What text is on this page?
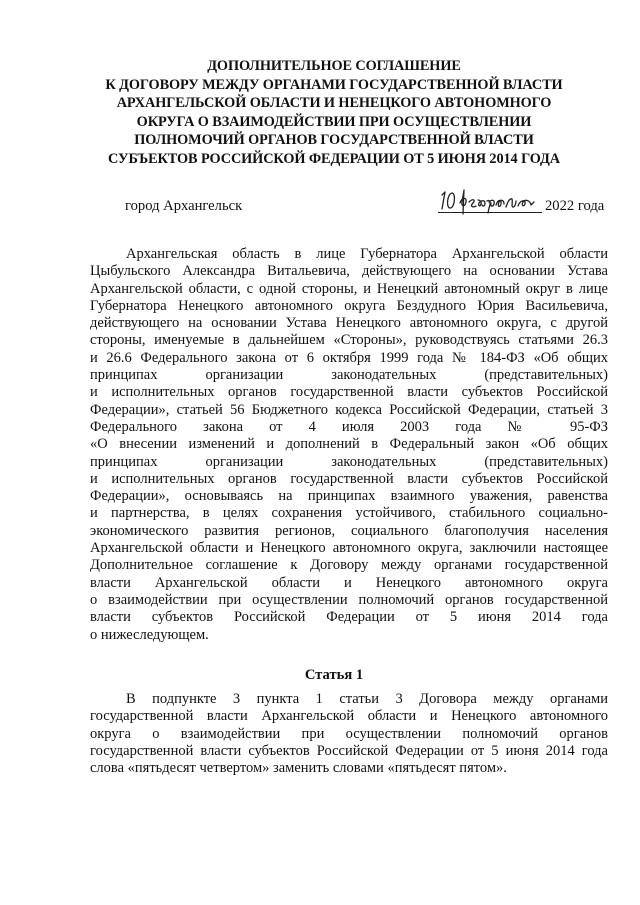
ДОПОЛНИТЕЛЬНОЕ СОГЛАШЕНИЕ
К ДОГОВОРУ МЕЖДУ ОРГАНАМИ ГОСУДАРСТВЕННОЙ ВЛАСТИ
АРХАНГЕЛЬСКОЙ ОБЛАСТИ И НЕНЕЦКОГО АВТОНОМНОГО
ОКРУГА О ВЗАИМОДЕЙСТВИИ ПРИ ОСУЩЕСТВЛЕНИИ
ПОЛНОМОЧИЙ ОРГАНОВ ГОСУДАРСТВЕННОЙ ВЛАСТИ
СУБЪЕКТОВ РОССИЙСКОЙ ФЕДЕРАЦИИ ОТ 5 ИЮНЯ 2014 ГОДА
город Архангельск	2022 года
Архангельская область в лице Губернатора Архангельской области
Цыбульского Александра Витальевича, действующего на основании Устава
Архангельской области, с одной стороны, и Ненецкий автономный округ в лице
Губернатора Ненецкого автономного округа Бездудного Юрия Васильевича,
действующего на основании Устава Ненецкого автономного округа, с другой
стороны, именуемые в дальнейшем «Стороны», руководствуясь статьями 26.3
и 26.6 Федерального закона от 6 октября 1999 года № 184-ФЗ «Об общих
принципах организации законодательных (представительных)
и исполнительных органов государственной власти субъектов Российской
Федерации», статьей 56 Бюджетного кодекса Российской Федерации, статьей 3
Федерального закона от 4 июля 2003 года № 95-ФЗ
«О внесении изменений и дополнений в Федеральный закон «Об общих
принципах организации законодательных (представительных)
и исполнительных органов государственной власти субъектов Российской
Федерации», основываясь на принципах взаимного уважения, равенства
и партнерства, в целях сохранения устойчивого, стабильного социально-
экономического развития регионов, социального благополучия населения
Архангельской области и Ненецкого автономного округа, заключили настоящее
Дополнительное соглашение к Договору между органами государственной
власти Архангельской области и Ненецкого автономного округа
о взаимодействии при осуществлении полномочий органов государственной
власти субъектов Российской Федерации от 5 июня 2014 года
о нижеследующем.
Статья 1
В подпункте 3 пункта 1 статьи 3 Договора между органами
государственной власти Архангельской области и Ненецкого автономного
округа о взаимодействии при осуществлении полномочий органов
государственной власти субъектов Российской Федерации от 5 июня 2014 года
слова «пятьдесят четвертом» заменить словами «пятьдесят пятом».
